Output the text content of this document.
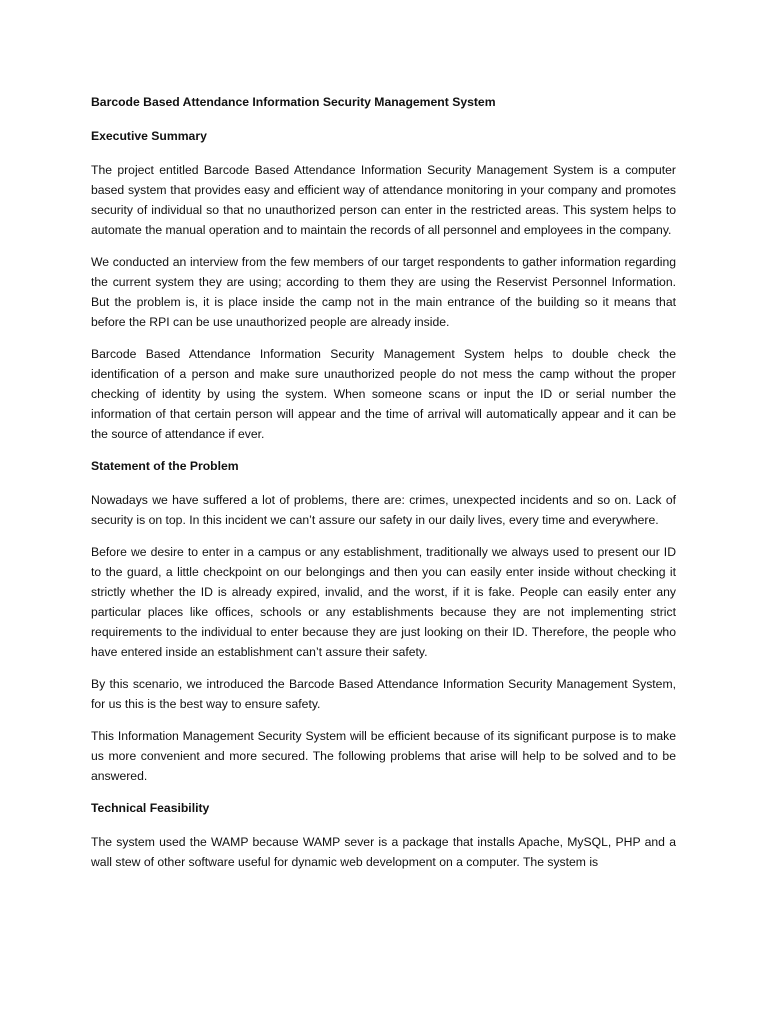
Barcode Based Attendance Information Security Management System
Executive Summary

The project entitled Barcode Based Attendance Information Security Management System is a computer based system that provides easy and efficient way of attendance monitoring in your company and promotes security of individual so that no unauthorized person can enter in the restricted areas. This system helps to automate the manual operation and to maintain the records of all personnel and employees in the company.

We conducted an interview from the few members of our target respondents to gather information regarding the current system they are using; according to them they are using the Reservist Personnel Information. But the problem is, it is place inside the camp not in the main entrance of the building so it means that before the RPI can be use unauthorized people are already inside.

Barcode Based Attendance Information Security Management System helps to double check the identification of a person and make sure unauthorized people do not mess the camp without the proper checking of identity by using the system. When someone scans or input the ID or serial number the information of that certain person will appear and the time of arrival will automatically appear and it can be the source of attendance if ever.

Statement of the Problem

Nowadays we have suffered a lot of problems, there are: crimes, unexpected incidents and so on. Lack of security is on top. In this incident we can’t assure our safety in our daily lives, every time and everywhere.

Before we desire to enter in a campus or any establishment, traditionally we always used to present our ID to the guard, a little checkpoint on our belongings and then you can easily enter inside without checking it strictly whether the ID is already expired, invalid, and the worst, if it is fake. People can easily enter any particular places like offices, schools or any establishments because they are not implementing strict requirements to the individual to enter because they are just looking on their ID. Therefore, the people who have entered inside an establishment can’t assure their safety.

By this scenario, we introduced the Barcode Based Attendance Information Security Management System, for us this is the best way to ensure safety.

This Information Management Security System will be efficient because of its significant purpose is to make us more convenient and more secured. The following problems that arise will help to be solved and to be answered.

Technical Feasibility

The system used the WAMP because WAMP sever is a package that installs Apache, MySQL, PHP and a wall stew of other software useful for dynamic web development on a computer. The system is
